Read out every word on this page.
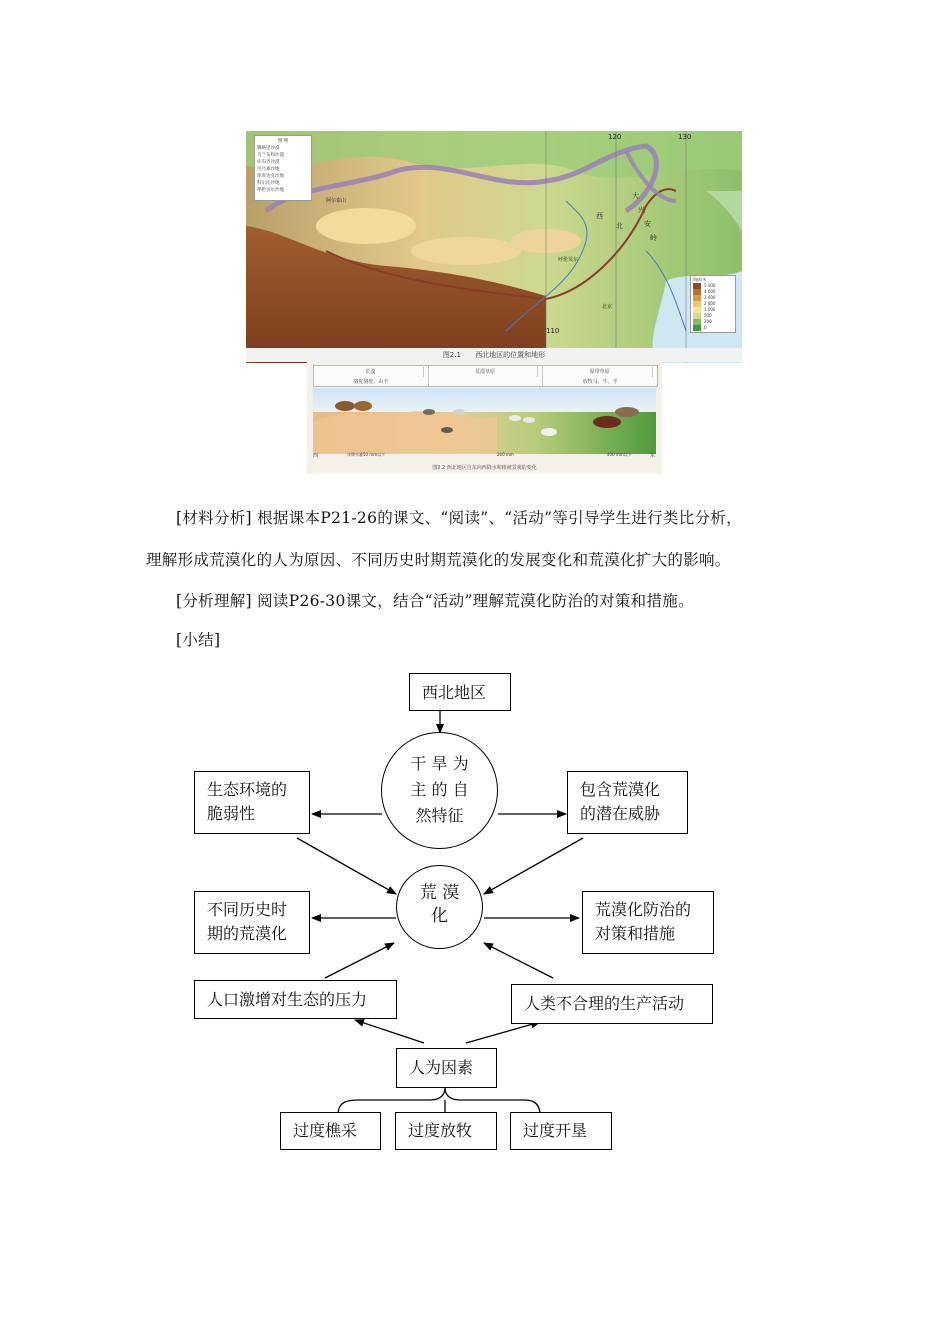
图 例
腾格里沙漠
乌兰布和沙漠
库布齐沙漠
毛乌素沙地
浑善达克沙地
科尔沁沙地
呼伦贝尔沙地
120	130
110
阿尔泰山
西
北
呼伦贝尔
大
兴
安
岭
北京
海拔/米
5 000
4 000
3 000
2 000
1 000
500
200
0
图2.1 西北地区的位置和地形
荒漠
骆驼骆驼、山羊
荒漠草原	温带草原
放牧马、牛、羊
西	年降水量50 mm以下	200 mm	400 mm以下	东
图2.2 西北地区自东向西降水和植被景观的变化
[材料分析] 根据课本P21-26的课文、“阅读”、“活动”等引导学生进行类比分析，
理解形成荒漠化的人为原因、不同历史时期荒漠化的发展变化和荒漠化扩大的影响。
[分析理解] 阅读P26-30课文，结合“活动”理解荒漠化防治的对策和措施。
[小结]
西北地区
干 旱 为
主 的 自
然特征
生态环境的
脆弱性
包含荒漠化
的潜在威胁
荒 漠
化
不同历史时
期的荒漠化
荒漠化防治的
对策和措施
人口激增对生态的压力	人类不合理的生产活动
人为因素
过度樵采	过度放牧	过度开垦
